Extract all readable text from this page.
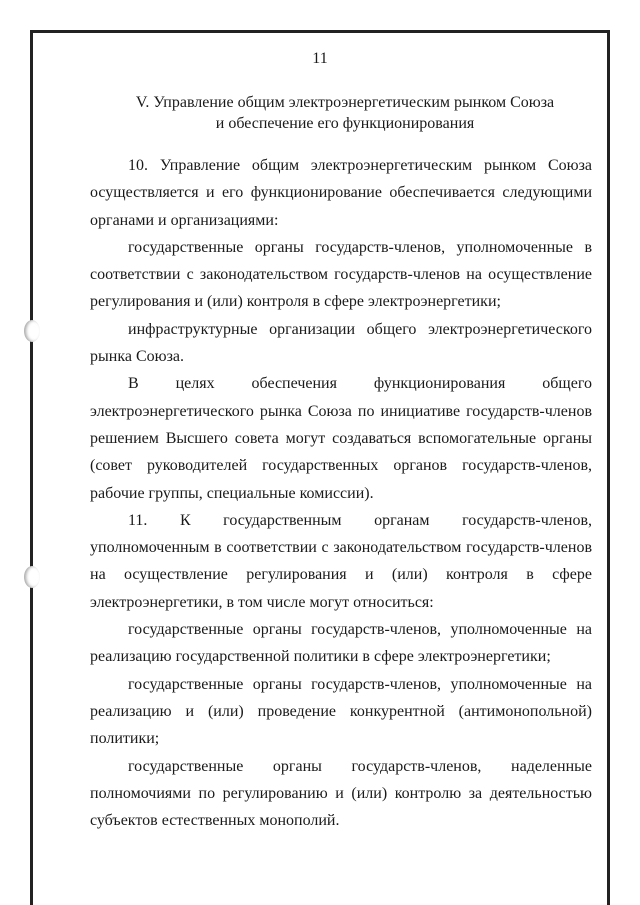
11
V. Управление общим электроэнергетическим рынком Союза
и обеспечение его функционирования

10. Управление общим электроэнергетическим рынком Союза осуществляется и его функционирование обеспечивается следующими органами и организациями:

государственные органы государств-членов, уполномоченные в соответствии с законодательством государств-членов на осуществление регулирования и (или) контроля в сфере электроэнергетики;

инфраструктурные организации общего электроэнергетического рынка Союза.

В целях обеспечения функционирования общего электроэнергетического рынка Союза по инициативе государств-членов решением Высшего совета могут создаваться вспомогательные органы (совет руководителей государственных органов государств-членов, рабочие группы, специальные комиссии).

11. К государственным органам государств-членов, уполномоченным в соответствии с законодательством государств-членов на осуществление регулирования и (или) контроля в сфере электроэнергетики, в том числе могут относиться:

государственные органы государств-членов, уполномоченные на реализацию государственной политики в сфере электроэнергетики;

государственные органы государств-членов, уполномоченные на реализацию и (или) проведение конкурентной (антимонопольной) политики;

государственные органы государств-членов, наделенные полномочиями по регулированию и (или) контролю за деятельностью субъектов естественных монополий.
